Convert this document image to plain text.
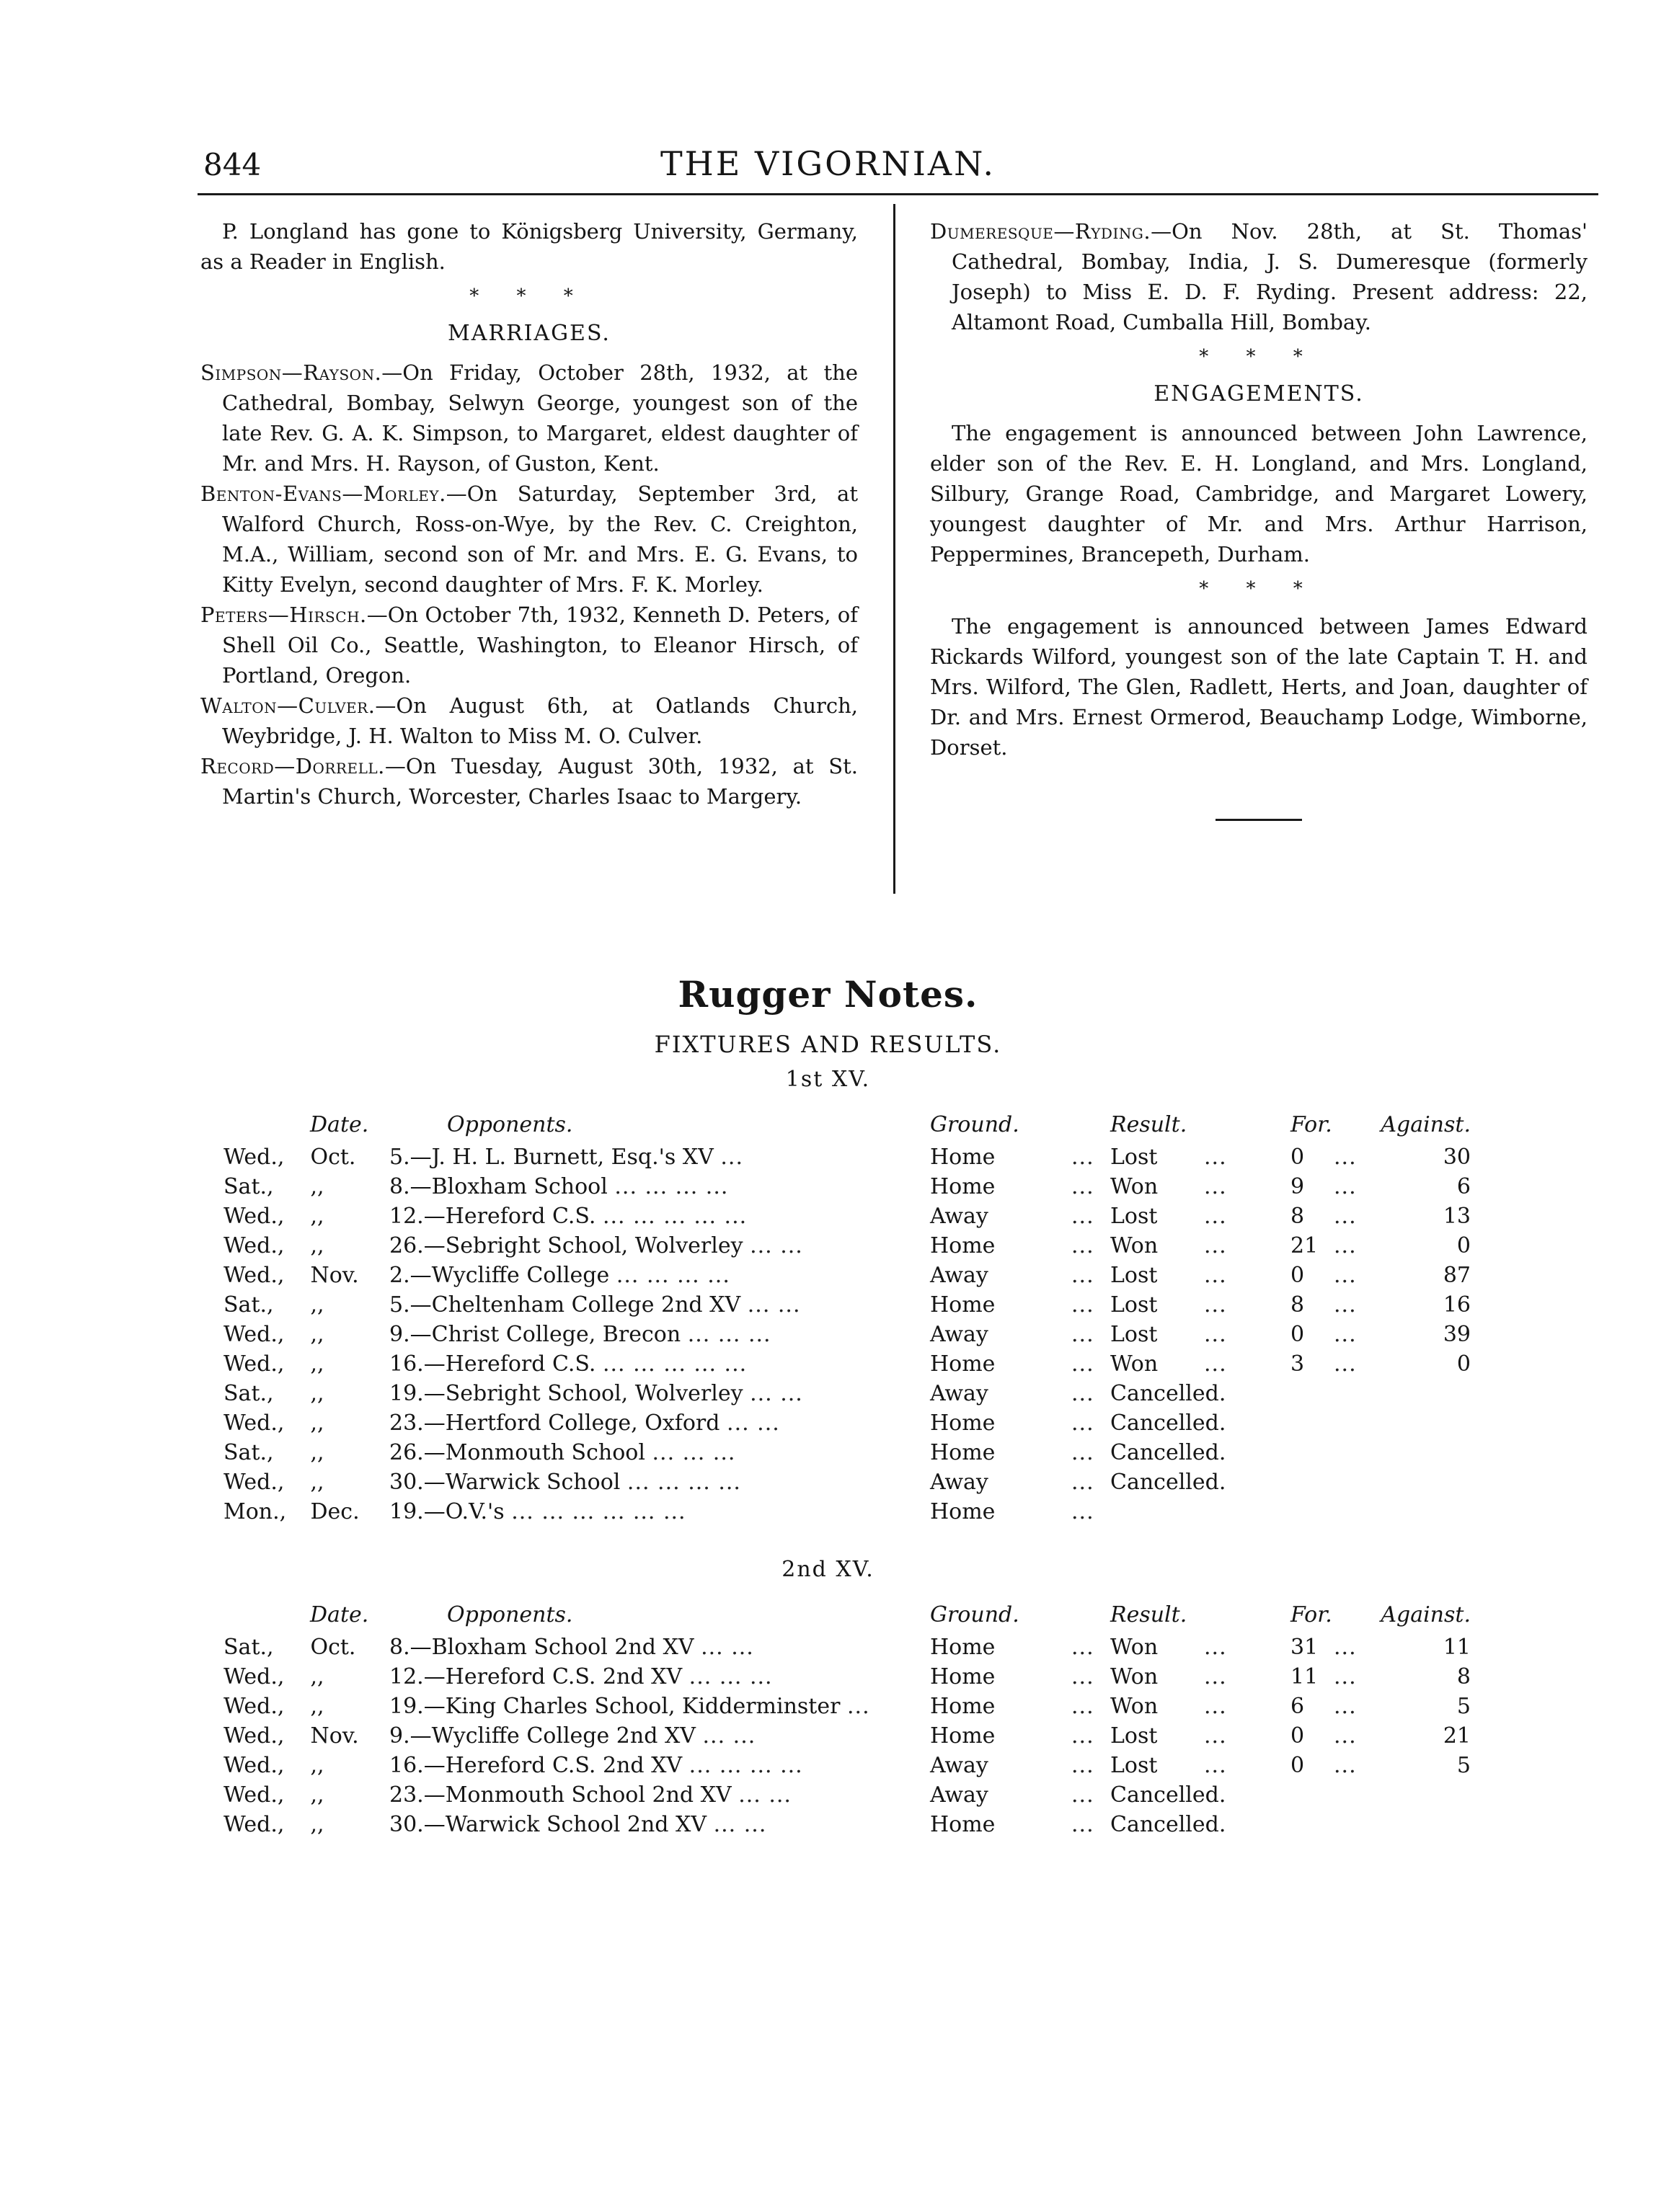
844	THE VIGORNIAN.

P. Longland has gone to Königsberg University, Germany, as a Reader in English.

* * *
MARRIAGES.

Simpson—Rayson.—On Friday, October 28th, 1932, at the Cathedral, Bombay, Selwyn George, youngest son of the late Rev. G. A. K. Simpson, to Margaret, eldest daughter of Mr. and Mrs. H. Rayson, of Guston, Kent.

Benton-Evans—Morley.—On Saturday, September 3rd, at Walford Church, Ross-on-Wye, by the Rev. C. Creighton, M.A., William, second son of Mr. and Mrs. E. G. Evans, to Kitty Evelyn, second daughter of Mrs. F. K. Morley.

Peters—Hirsch.—On October 7th, 1932, Kenneth D. Peters, of Shell Oil Co., Seattle, Washington, to Eleanor Hirsch, of Portland, Oregon.

Walton—Culver.—On August 6th, at Oatlands Church, Weybridge, J. H. Walton to Miss M. O. Culver.

Record—Dorrell.—On Tuesday, August 30th, 1932, at St. Martin's Church, Worcester, Charles Isaac to Margery.

Dumeresque—Ryding.—On Nov. 28th, at St. Thomas' Cathedral, Bombay, India, J. S. Dumeresque (formerly Joseph) to Miss E. D. F. Ryding. Present address: 22, Altamont Road, Cumballa Hill, Bombay.

* * *
ENGAGEMENTS.

The engagement is announced between John Lawrence, elder son of the Rev. E. H. Longland, and Mrs. Longland, Silbury, Grange Road, Cambridge, and Margaret Lowery, youngest daughter of Mr. and Mrs. Arthur Harrison, Peppermines, Brancepeth, Durham.

* * *

The engagement is announced between James Edward Rickards Wilford, youngest son of the late Captain T. H. and Mrs. Wilford, The Glen, Radlett, Herts, and Joan, daughter of Dr. and Mrs. Ernest Ormerod, Beauchamp Lodge, Wimborne, Dorset.

Rugger Notes.
FIXTURES AND RESULTS.
1st XV.
Date.		Opponents.	Ground.	Result.	For.	Against.
Wed.,	Oct.	5.—J. H. L. Burnett, Esq.'s XV ...	Home ...	Lost ...	0 ...	30
Sat.,	,,	8.—Bloxham School ... ... ... ...	Home ...	Won ...	9 ...	6
Wed.,	,,	12.—Hereford C.S. ... ... ... ... ...	Away ...	Lost ...	8 ...	13
Wed.,	,,	26.—Sebright School, Wolverley ... ...	Home ...	Won ...	21 ...	0
Wed.,	Nov.	2.—Wycliffe College ... ... ... ...	Away ...	Lost ...	0 ...	87
Sat.,	,,	5.—Cheltenham College 2nd XV ... ...	Home ...	Lost ...	8 ...	16
Wed.,	,,	9.—Christ College, Brecon ... ... ...	Away ...	Lost ...	0 ...	39
Wed.,	,,	16.—Hereford C.S. ... ... ... ... ...	Home ...	Won ...	3 ...	0
Sat.,	,,	19.—Sebright School, Wolverley ... ...	Away ...	Cancelled.		
Wed.,	,,	23.—Hertford College, Oxford ... ...	Home ...	Cancelled.		
Sat.,	,,	26.—Monmouth School ... ... ...	Home ...	Cancelled.		
Wed.,	,,	30.—Warwick School ... ... ... ...	Away ...	Cancelled.		
Mon.,	Dec.	19.—O.V.'s ... ... ... ... ... ...	Home ...			
2nd XV.
Date.		Opponents.	Ground.	Result.	For.	Against.
Sat.,	Oct.	8.—Bloxham School 2nd XV ... ...	Home ...	Won ...	31 ...	11
Wed.,	,,	12.—Hereford C.S. 2nd XV ... ... ...	Home ...	Won ...	11 ...	8
Wed.,	,,	19.—King Charles School, Kidderminster ...	Home ...	Won ...	6 ...	5
Wed.,	Nov.	9.—Wycliffe College 2nd XV ... ...	Home ...	Lost ...	0 ...	21
Wed.,	,,	16.—Hereford C.S. 2nd XV ... ... ... ...	Away ...	Lost ...	0 ...	5
Wed.,	,,	23.—Monmouth School 2nd XV ... ...	Away ...	Cancelled.		
Wed.,	,,	30.—Warwick School 2nd XV ... ...	Home ...	Cancelled.		
